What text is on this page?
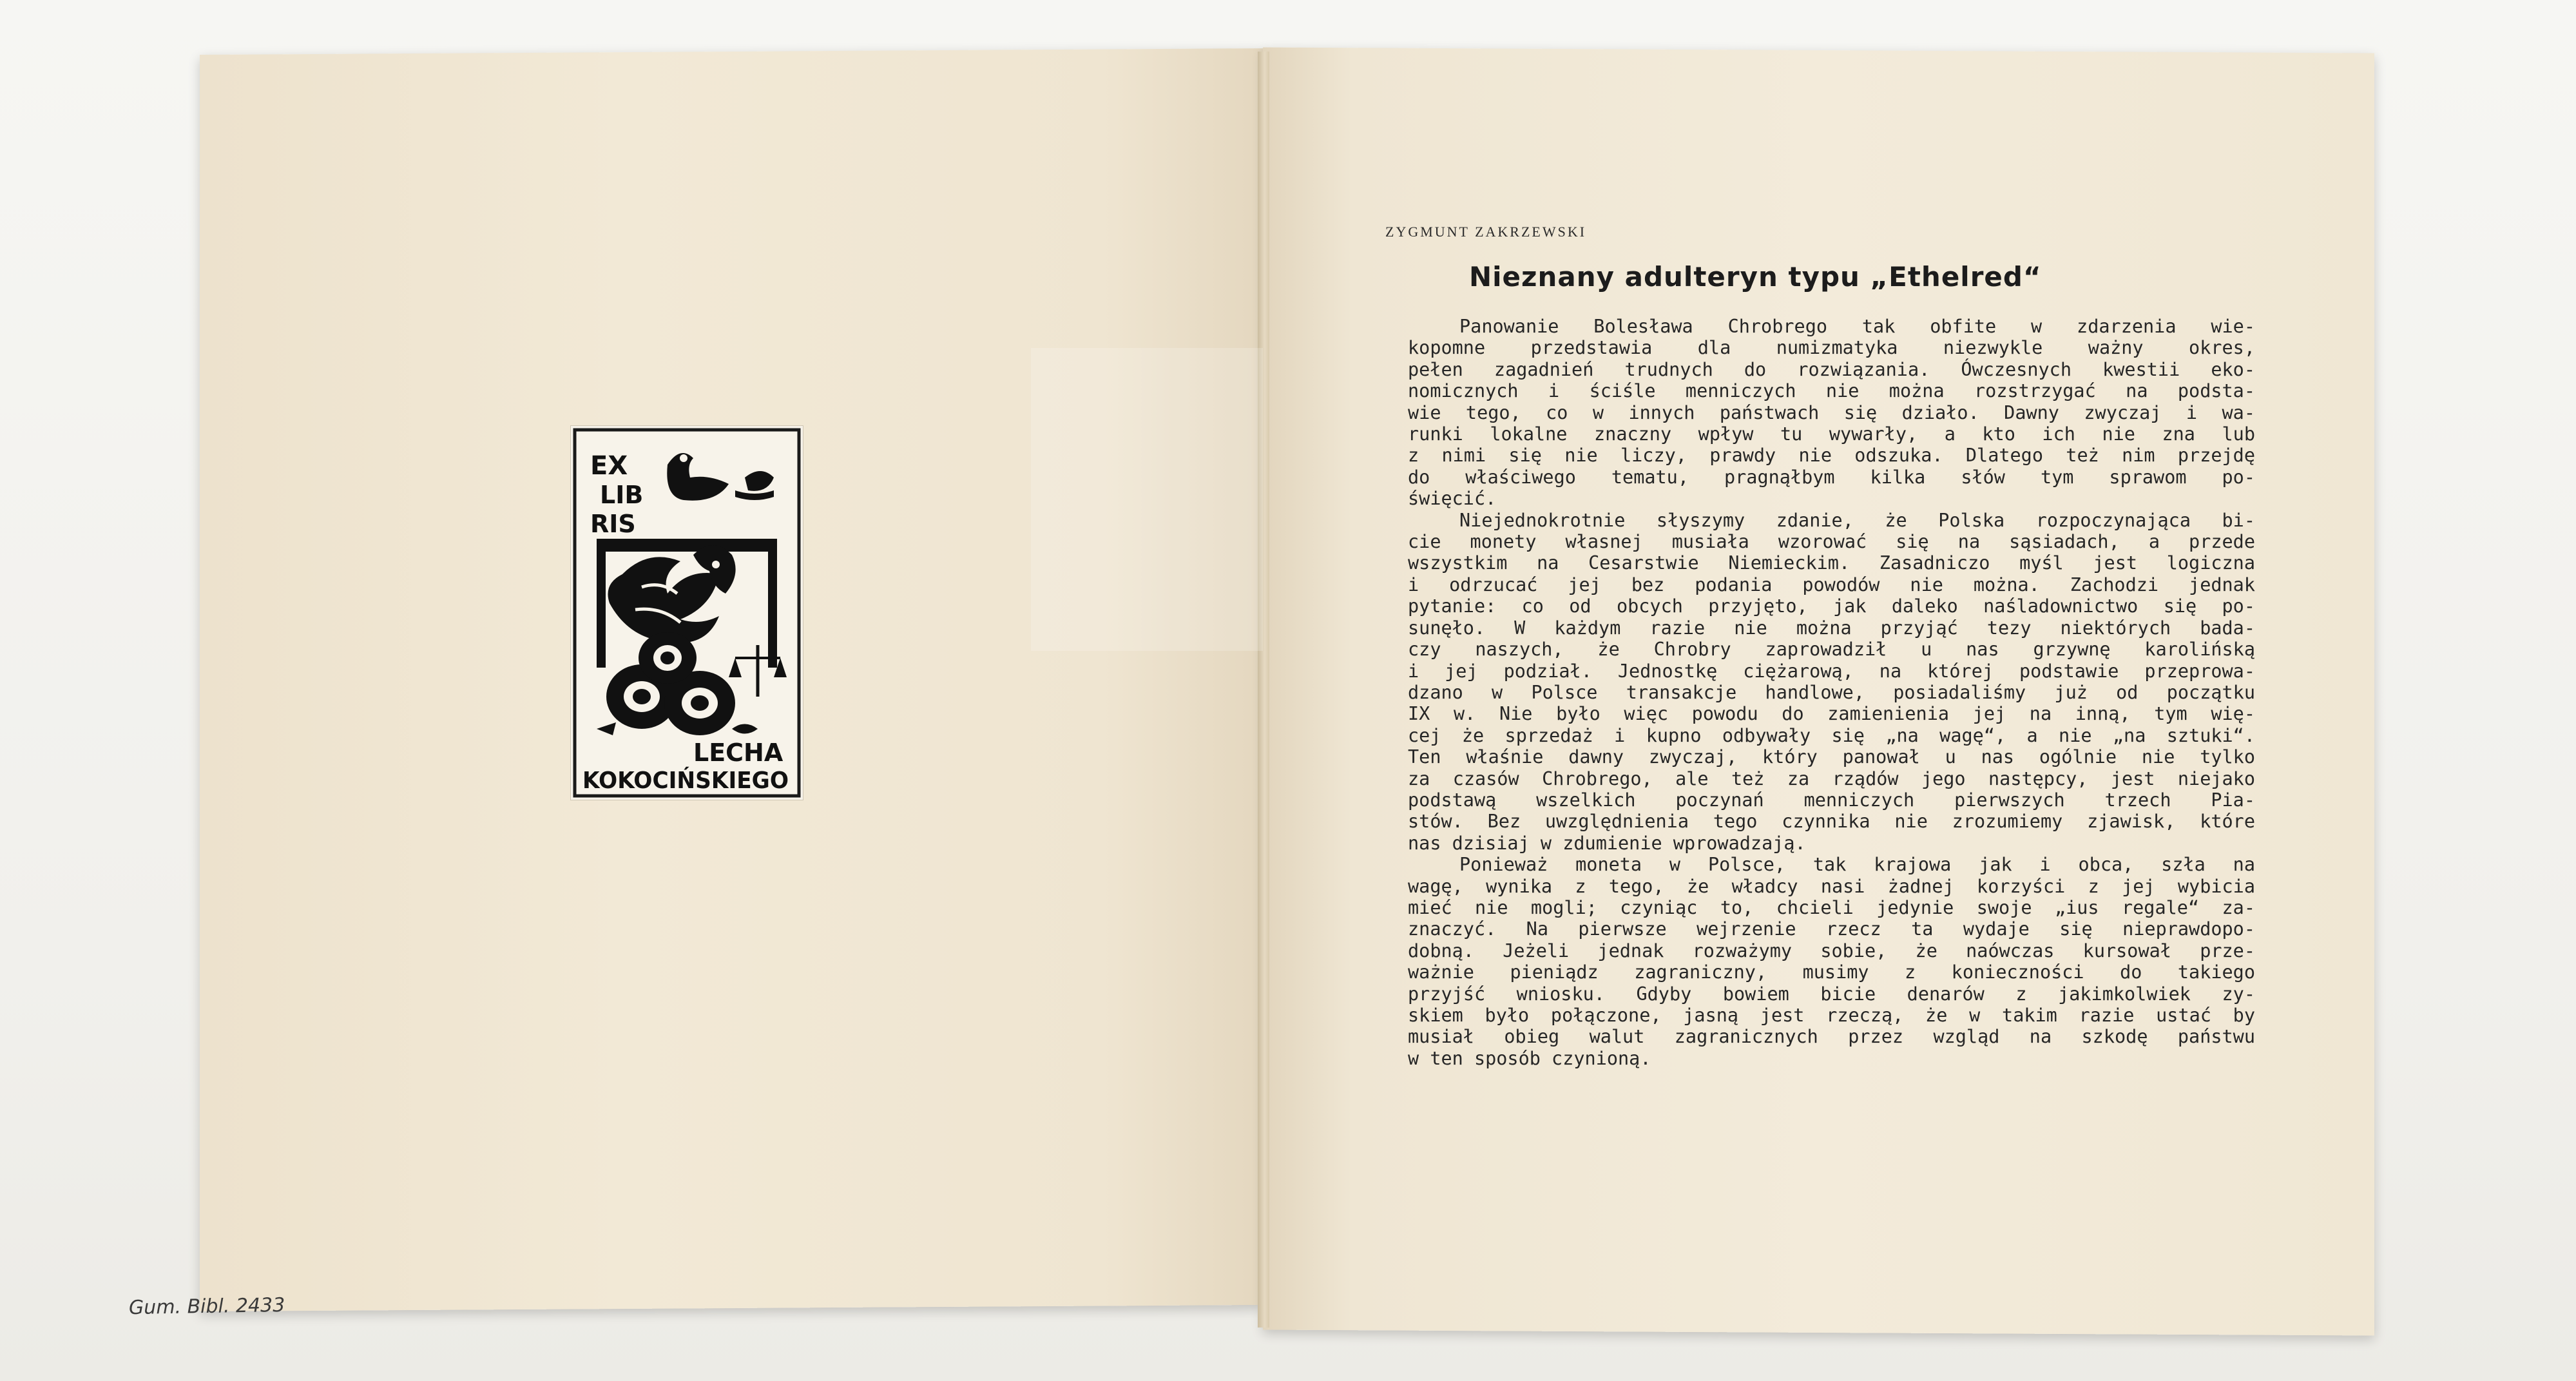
EX
LIB
RIS
LECHA
KOKOCIŃSKIEGO
ZYGMUNT ZAKRZEWSKI
Nieznany adulteryn typu „Ethelred“
Panowanie Bolesława Chrobrego tak obfite w zdarzenia wie-
kopomne przedstawia dla numizmatyka niezwykle ważny okres,
pełen zagadnień trudnych do rozwiązania. Ówczesnych kwestii eko-
nomicznych i ściśle menniczych nie można rozstrzygać na podsta-
wie tego, co w innych państwach się działo. Dawny zwyczaj i wa-
runki lokalne znaczny wpływ tu wywarły, a kto ich nie zna lub
z nimi się nie liczy, prawdy nie odszuka. Dlatego też nim przejdę
do właściwego tematu, pragnąłbym kilka słów tym sprawom po-
święcić.
Niejednokrotnie słyszymy zdanie, że Polska rozpoczynająca bi-
cie monety własnej musiała wzorować się na sąsiadach, a przede
wszystkim na Cesarstwie Niemieckim. Zasadniczo myśl jest logiczna
i odrzucać jej bez podania powodów nie można. Zachodzi jednak
pytanie: co od obcych przyjęto, jak daleko naśladownictwo się po-
sunęło. W każdym razie nie można przyjąć tezy niektórych bada-
czy naszych, że Chrobry zaprowadził u nas grzywnę karolińską
i jej podział. Jednostkę ciężarową, na której podstawie przeprowa-
dzano w Polsce transakcje handlowe, posiadaliśmy już od początku
IX w. Nie było więc powodu do zamienienia jej na inną, tym wię-
cej że sprzedaż i kupno odbywały się „na wagę“, a nie „na sztuki“.
Ten właśnie dawny zwyczaj, który panował u nas ogólnie nie tylko
za czasów Chrobrego, ale też za rządów jego następcy, jest niejako
podstawą wszelkich poczynań menniczych pierwszych trzech Pia-
stów. Bez uwzględnienia tego czynnika nie zrozumiemy zjawisk, które
nas dzisiaj w zdumienie wprowadzają.
Ponieważ moneta w Polsce, tak krajowa jak i obca, szła na
wagę, wynika z tego, że władcy nasi żadnej korzyści z jej wybicia
mieć nie mogli; czyniąc to, chcieli jedynie swoje „ius regale“ za-
znaczyć. Na pierwsze wejrzenie rzecz ta wydaje się nieprawdopo-
dobną. Jeżeli jednak rozważymy sobie, że naówczas kursował prze-
ważnie pieniądz zagraniczny, musimy z konieczności do takiego
przyjść wniosku. Gdyby bowiem bicie denarów z jakimkolwiek zy-
skiem było połączone, jasną jest rzeczą, że w takim razie ustać by
musiał obieg walut zagranicznych przez wzgląd na szkodę państwu
w ten sposób czynioną.
Gum. Bibl. 2433
